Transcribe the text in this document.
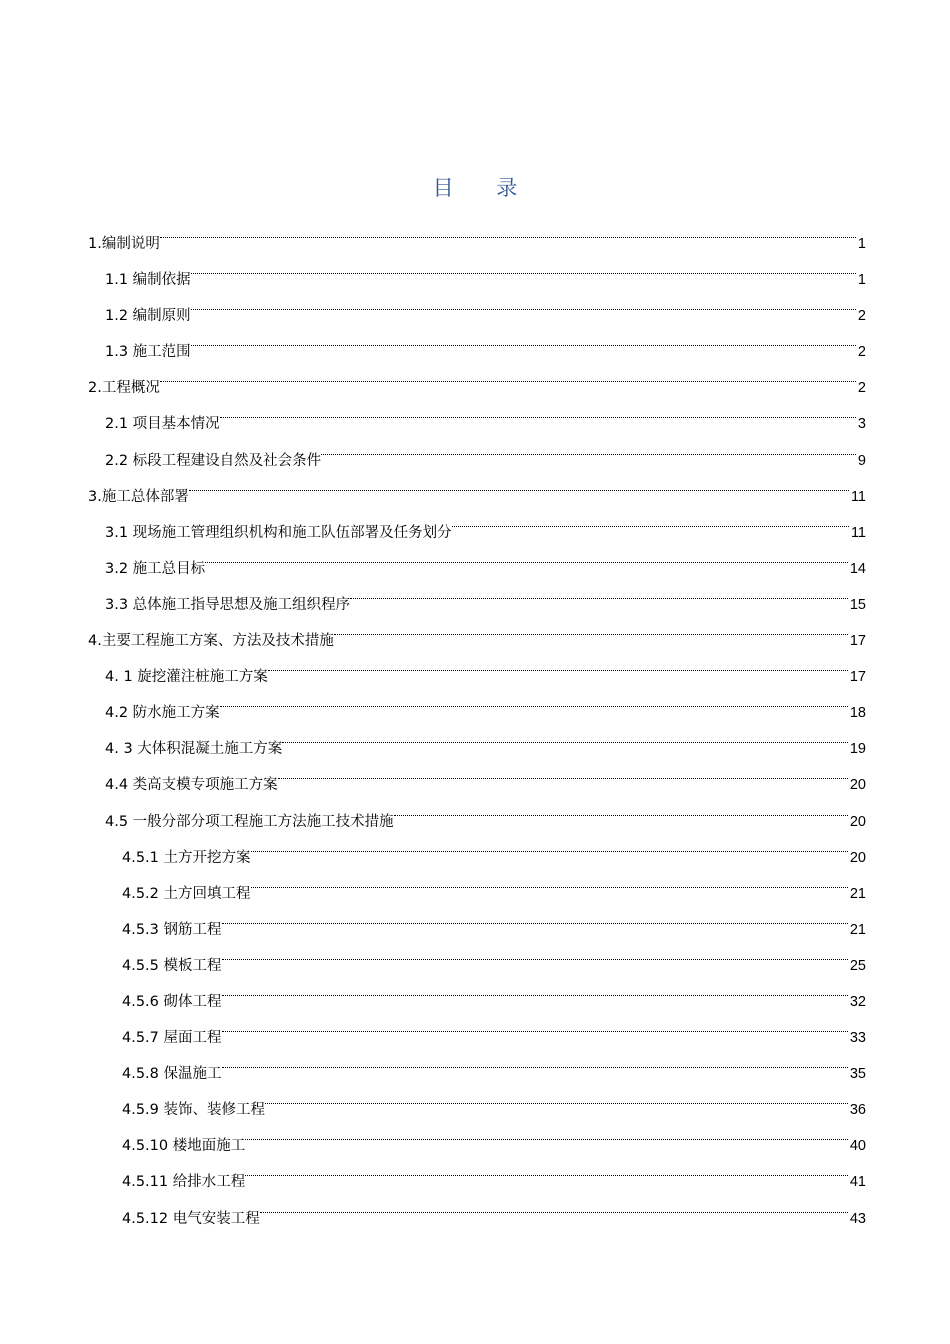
目 录
1.编制说明	1
1.1 编制依据	1
1.2 编制原则	2
1.3 施工范围	2
2.工程概况	2
2.1 项目基本情况	3
2.2 标段工程建设自然及社会条件	9
3.施工总体部署	11
3.1 现场施工管理组织机构和施工队伍部署及任务划分	11
3.2 施工总目标	14
3.3 总体施工指导思想及施工组织程序	15
4.主要工程施工方案、方法及技术措施	17
4. 1 旋挖灌注桩施工方案	17
4.2 防水施工方案	18
4. 3 大体积混凝土施工方案	19
4.4 类高支模专项施工方案	20
4.5 一般分部分项工程施工方法施工技术措施	20
4.5.1 土方开挖方案	20
4.5.2 土方回填工程	21
4.5.3 钢筋工程	21
4.5.5 模板工程	25
4.5.6 砌体工程	32
4.5.7 屋面工程	33
4.5.8 保温施工	35
4.5.9 装饰、装修工程	36
4.5.10 楼地面施工	40
4.5.11 给排水工程	41
4.5.12 电气安装工程	43
